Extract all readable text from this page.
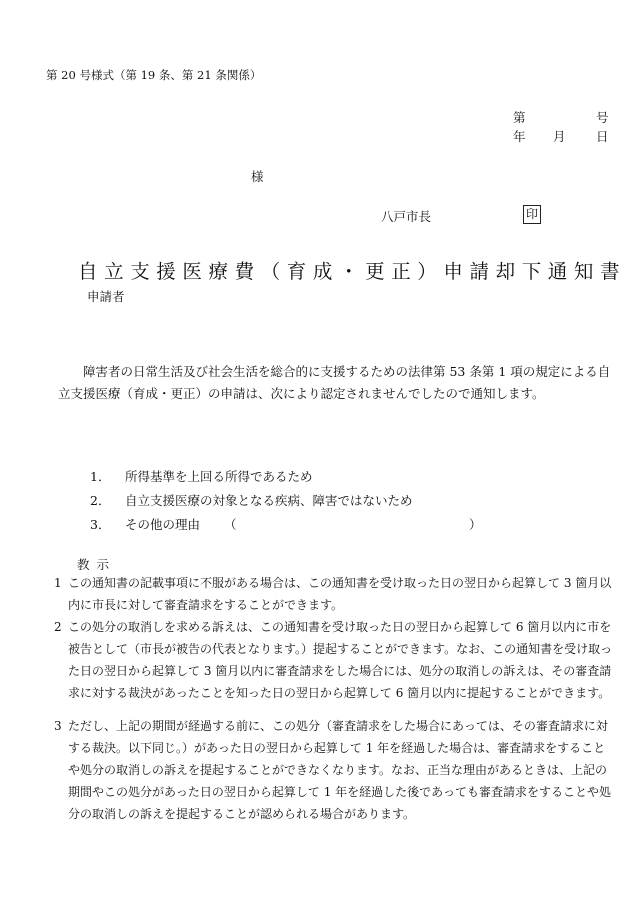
第 20 号様式（第 19 条、第 21 条関係）
第	号
年 月 日
様
八戸市長	印
自立支援医療費（育成・更正）申請却下通知書
申請者

障害者の日常生活及び社会生活を総合的に支援するための法律第 53 条第 1 項の規定による自立支援医療（育成・更正）の申請は、次により認定されませんでしたので通知します。

1． 所得基準を上回る所得であるため
2． 自立支援医療の対象となる疾病、障害ではないため
3． その他の理由 （	）
教示
1 この通知書の記載事項に不服がある場合は、この通知書を受け取った日の翌日から起算して 3 箇月以内に市長に対して審査請求をすることができます。
2 この処分の取消しを求める訴えは、この通知書を受け取った日の翌日から起算して 6 箇月以内に市を被告として（市長が被告の代表となります。）提起することができます。なお、この通知書を受け取った日の翌日から起算して 3 箇月以内に審査請求をした場合には、処分の取消しの訴えは、その審査請求に対する裁決があったことを知った日の翌日から起算して 6 箇月以内に提起することができます。
3 ただし、上記の期間が経過する前に、この処分（審査請求をした場合にあっては、その審査請求に対する裁決。以下同じ。）があった日の翌日から起算して 1 年を経過した場合は、審査請求をすることや処分の取消しの訴えを提起することができなくなります。なお、正当な理由があるときは、上記の期間やこの処分があった日の翌日から起算して 1 年を経過した後であっても審査請求をすることや処分の取消しの訴えを提起することが認められる場合があります。
